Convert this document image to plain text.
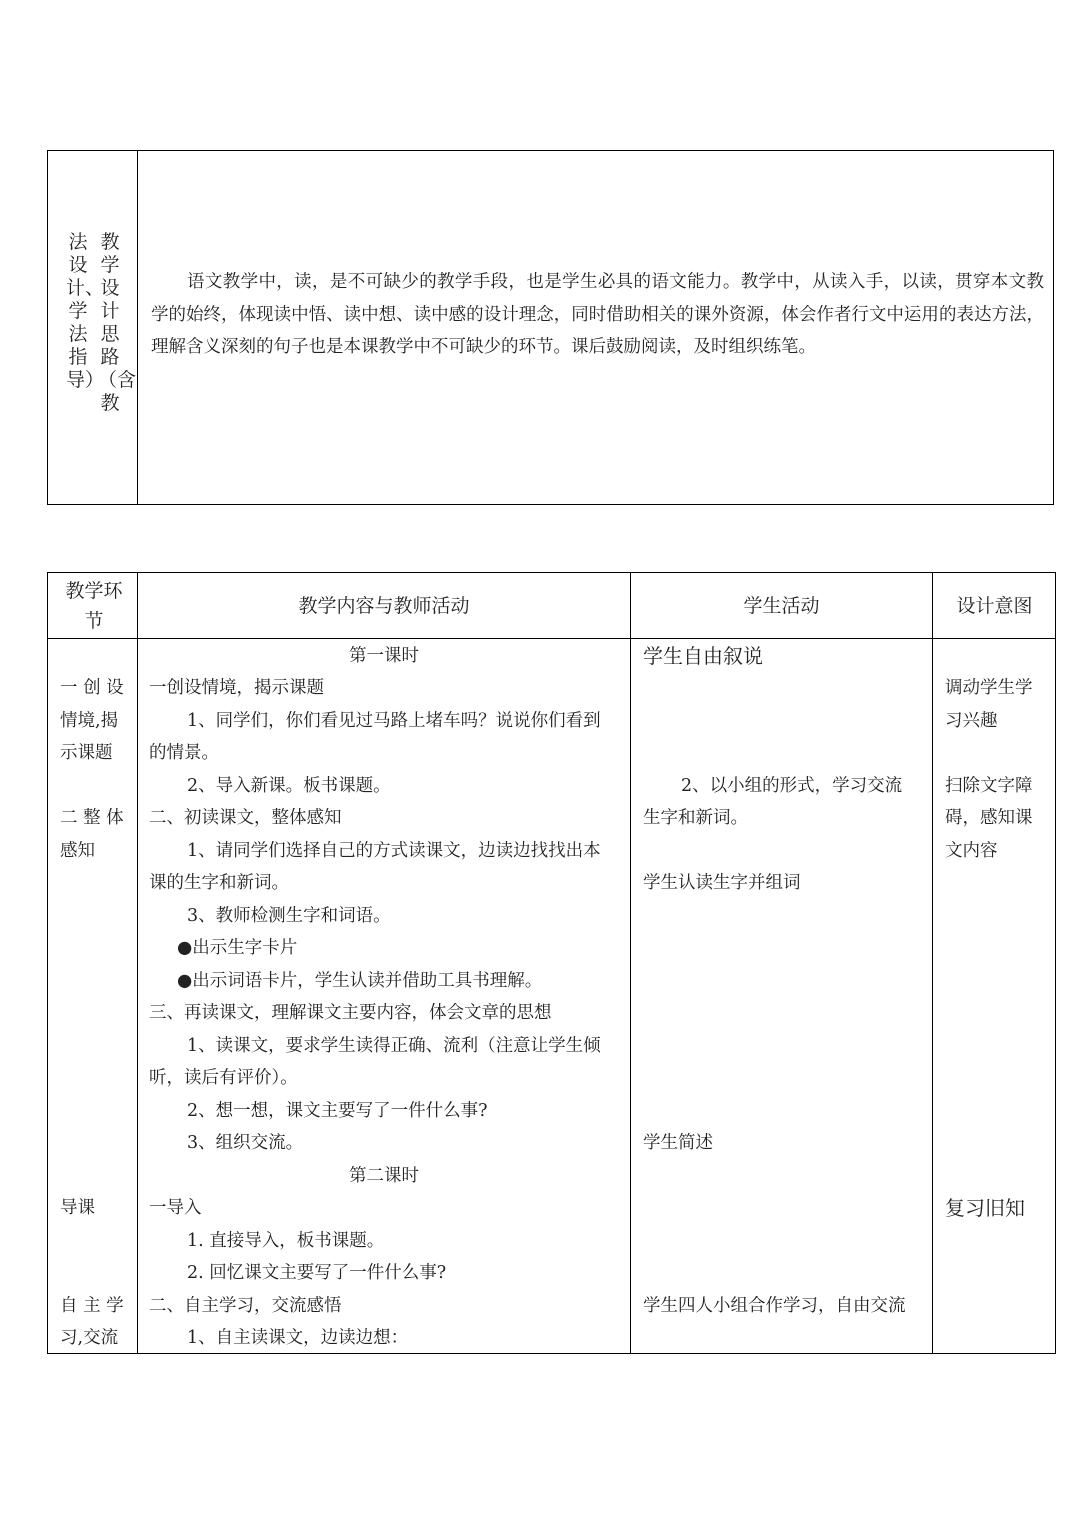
教学设计思路（含教
法设计、学法指导）

语文教学中，读，是不可缺少的教学手段，也是学生必具的语文能力。教学中，从读入手，以读，贯穿本文教学的始终，体现读中悟、读中想、读中感的设计理念，同时借助相关的课外资源，体会作者行文中运用的表达方法，理解含义深刻的句子也是本课教学中不可缺少的环节。课后鼓励阅读，及时组织练笔。

教学环
节
教学内容与教师活动	学生活动	设计意图
一 创 设
情境,揭
示课题
二 整 体
感知
导课
自 主 学
习,交流
第一课时
一创设情境，揭示课题
1、同学们，你们看见过马路上堵车吗？说说你们看到
的情景。
2、导入新课。板书课题。
二、初读课文，整体感知
1、请同学们选择自己的方式读课文，边读边找找出本
课的生字和新词。
3、教师检测生字和词语。
●出示生字卡片
●出示词语卡片，学生认读并借助工具书理解。
三、再读课文，理解课文主要内容，体会文章的思想
1、读课文，要求学生读得正确、流利（注意让学生倾
听，读后有评价）。
2、想一想，课文主要写了一件什么事?
3、组织交流。
第二课时
一导入
1. 直接导入，板书课题。
2. 回忆课文主要写了一件什么事?
二、自主学习，交流感悟
1、自主读课文，边读边想：
学生自由叙说
2、以小组的形式，学习交流
生字和新词。
学生认读生字并组词
学生简述
学生四人小组合作学习，自由交流
调动学生学
习兴趣
扫除文字障
碍，感知课
文内容
复习旧知
